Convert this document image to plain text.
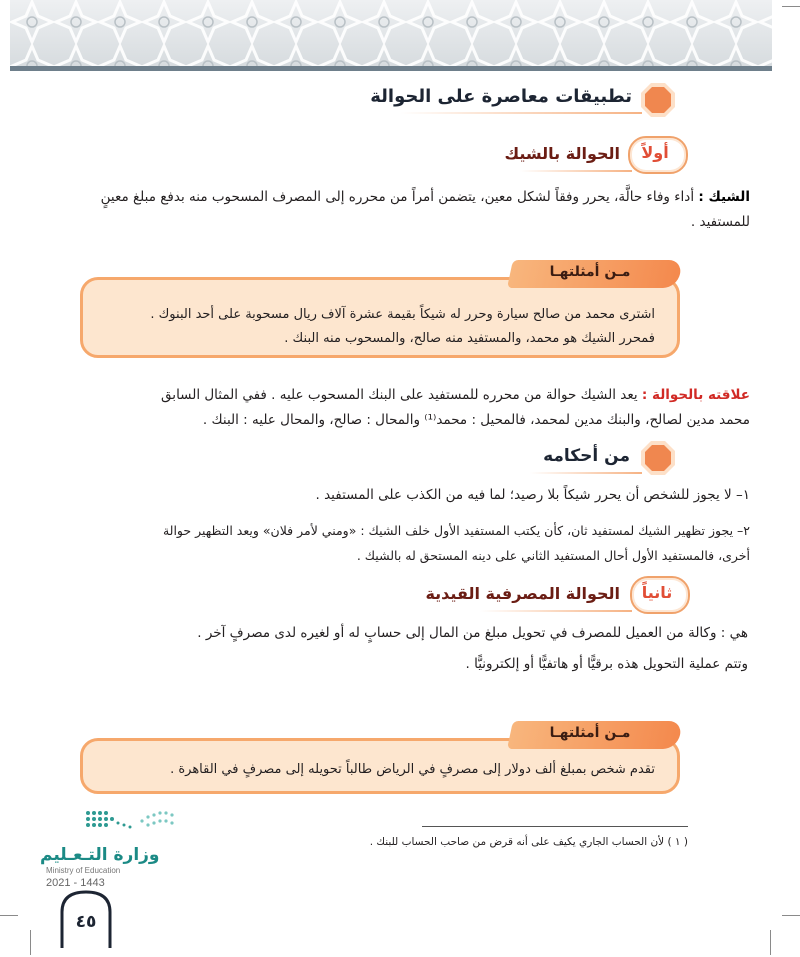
تطبيقات معاصرة على الحوالة
أولاً
الحوالة بالشيك
الشيك : أداء وفاء حالَّة، يحرر وفقاً لشكل معين، يتضمن أمراً من محرره إلى المصرف المسحوب منه بدفع مبلغ معينٍ للمستفيد .
مـن أمثلتهـا
اشترى محمد من صالح سيارة وحرر له شيكاً بقيمة عشرة آلاف ريال مسحوبة على أحد البنوك .
فمحرر الشيك هو محمد، والمستفيد منه صالح، والمسحوب منه البنك .
علاقته بالحوالة : يعد الشيك حوالة من محرره للمستفيد على البنك المسحوب عليه . ففي المثال السابق
محمد مدين لصالح، والبنك مدين لمحمد، فالمحيل : محمد⁽¹⁾ والمحال : صالح، والمحال عليه : البنك .
من أحكامه
١– لا يجوز للشخص أن يحرر شيكاً بلا رصيد؛ لما فيه من الكذب على المستفيد .
٢– يجوز تظهير الشيك لمستفيد ثان، كأن يكتب المستفيد الأول خلف الشيك : «ومني لأمر فلان» ويعد التظهير حوالة
أخرى، فالمستفيد الأول أحال المستفيد الثاني على دينه المستحق له بالشيك .
ثانياً
الحوالة المصرفية القيدية
هي : وكالة من العميل للمصرف في تحويل مبلغ من المال إلى حسابٍ له أو لغيره لدى مصرفٍ آخر .
وتتم عملية التحويل هذه برقيًّا أو هاتفيًّا أو إلكترونيًّا .
مـن أمثلتهـا
تقدم شخص بمبلغ ألف دولار إلى مصرفٍ في الرياض طالباً تحويله إلى مصرفٍ في القاهرة .
وزارة التـعـليم
Ministry of Education
2021 - 1443
( ١ ) لأن الحساب الجاري يكيف على أنه قرض من صاحب الحساب للبنك .
٤٥
